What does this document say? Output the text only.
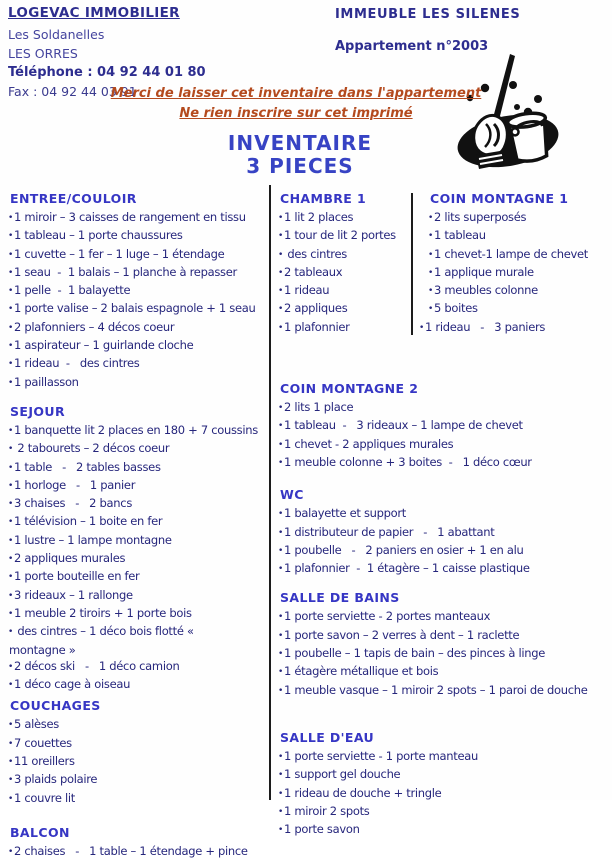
LOGEVAC IMMOBILIER
Les Soldanelles
LES ORRES
Téléphone : 04 92 44 01 80
Fax : 04 92 44 03 91
IMMEUBLE LES SILENES
Appartement n°2003
Merci de laisser cet inventaire dans l'appartement
Ne rien inscrire sur cet imprimé
INVENTAIRE
3 PIECES
ENTREE/COULOIR
•1 miroir – 3 caisses de rangement en tissu
•1 tableau – 1 porte chaussures
•1 cuvette – 1 fer – 1 luge – 1 étendage
•1 seau  -  1 balais – 1 planche à repasser
•1 pelle  -  1 balayette
•1 porte valise – 2 balais espagnole + 1 seau
•2 plafonniers – 4 décos coeur
•1 aspirateur – 1 guirlande cloche
•1 rideau  -   des cintres
•1 paillasson
SEJOUR
•1 banquette lit 2 places en 180 + 7 coussins
• 2 tabourets – 2 décos coeur
•1 table   -   2 tables basses
•1 horloge   -   1 panier
•3 chaises   -   2 bancs
•1 télévision – 1 boite en fer
•1 lustre – 1 lampe montagne
•2 appliques murales
•1 porte bouteille en fer
•3 rideaux – 1 rallonge
•1 meuble 2 tiroirs + 1 porte bois
• des cintres – 1 déco bois flotté «
montagne »
•2 décos ski   -   1 déco camion
•1 déco cage à oiseau
COUCHAGES
•5 alèses
•7 couettes
•11 oreillers
•3 plaids polaire
•1 couvre lit
BALCON
•2 chaises   -   1 table – 1 étendage + pince
CHAMBRE 1
•1 lit 2 places
•1 tour de lit 2 portes
• des cintres
•2 tableaux
•1 rideau
•2 appliques
•1 plafonnier
COIN MONTAGNE 1
•2 lits superposés
•1 tableau
•1 chevet-1 lampe de chevet
•1 applique murale
•3 meubles colonne
•5 boites
•1 rideau   -   3 paniers
COIN MONTAGNE 2
•2 lits 1 place
•1 tableau  -   3 rideaux – 1 lampe de chevet
•1 chevet - 2 appliques murales
•1 meuble colonne + 3 boites  -   1 déco cœur
WC
•1 balayette et support
•1 distributeur de papier   -   1 abattant
•1 poubelle   -   2 paniers en osier + 1 en alu
•1 plafonnier  -  1 étagère – 1 caisse plastique
SALLE DE BAINS
•1 porte serviette - 2 portes manteaux
•1 porte savon – 2 verres à dent – 1 raclette
•1 poubelle – 1 tapis de bain – des pinces à linge
•1 étagère métallique et bois
•1 meuble vasque – 1 miroir 2 spots – 1 paroi de douche
SALLE D'EAU
•1 porte serviette - 1 porte manteau
•1 support gel douche
•1 rideau de douche + tringle
•1 miroir 2 spots
•1 porte savon
